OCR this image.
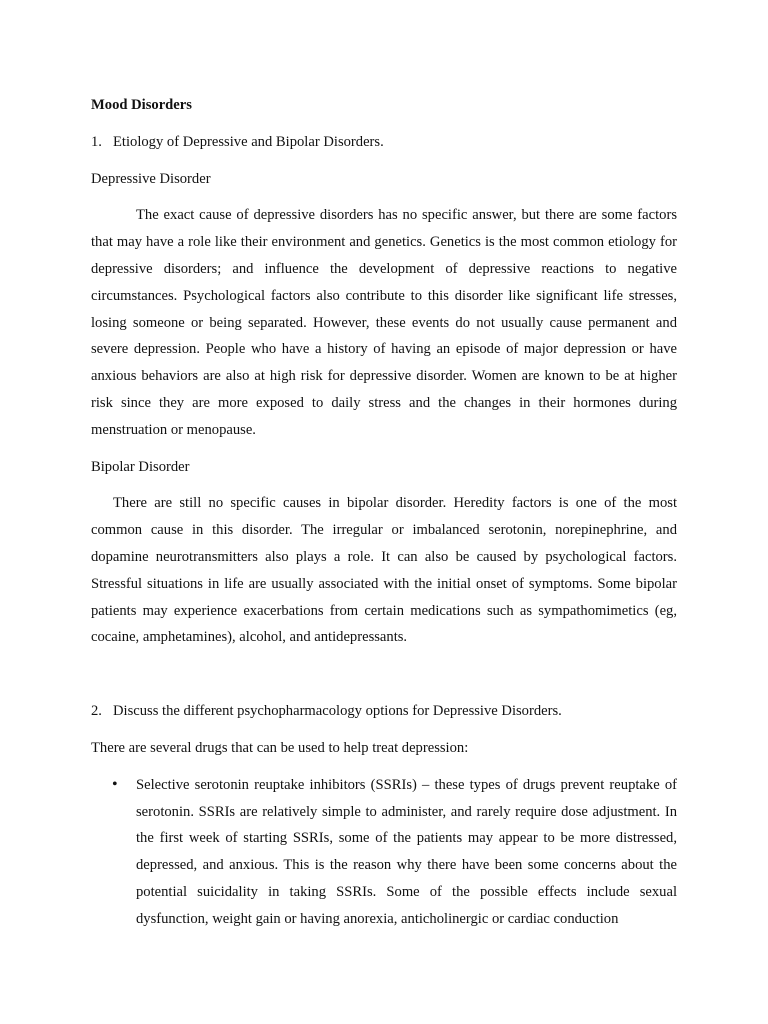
Mood Disorders
1. Etiology of Depressive and Bipolar Disorders.
Depressive Disorder
The exact cause of depressive disorders has no specific answer, but there are some factors that may have a role like their environment and genetics. Genetics is the most common etiology for depressive disorders; and influence the development of depressive reactions to negative circumstances. Psychological factors also contribute to this disorder like significant life stresses, losing someone or being separated. However, these events do not usually cause permanent and severe depression. People who have a history of having an episode of major depression or have anxious behaviors are also at high risk for depressive disorder. Women are known to be at higher risk since they are more exposed to daily stress and the changes in their hormones during menstruation or menopause.
Bipolar Disorder
There are still no specific causes in bipolar disorder. Heredity factors is one of the most common cause in this disorder. The irregular or imbalanced serotonin, norepinephrine, and dopamine neurotransmitters also plays a role. It can also be caused by psychological factors. Stressful situations in life are usually associated with the initial onset of symptoms. Some bipolar patients may experience exacerbations from certain medications such as sympathomimetics (eg, cocaine, amphetamines), alcohol, and antidepressants.
2. Discuss the different psychopharmacology options for Depressive Disorders.
There are several drugs that can be used to help treat depression:
• Selective serotonin reuptake inhibitors (SSRIs) – these types of drugs prevent reuptake of serotonin. SSRIs are relatively simple to administer, and rarely require dose adjustment. In the first week of starting SSRIs, some of the patients may appear to be more distressed, depressed, and anxious. This is the reason why there have been some concerns about the potential suicidality in taking SSRIs. Some of the possible effects include sexual dysfunction, weight gain or having anorexia, anticholinergic or cardiac conduction
